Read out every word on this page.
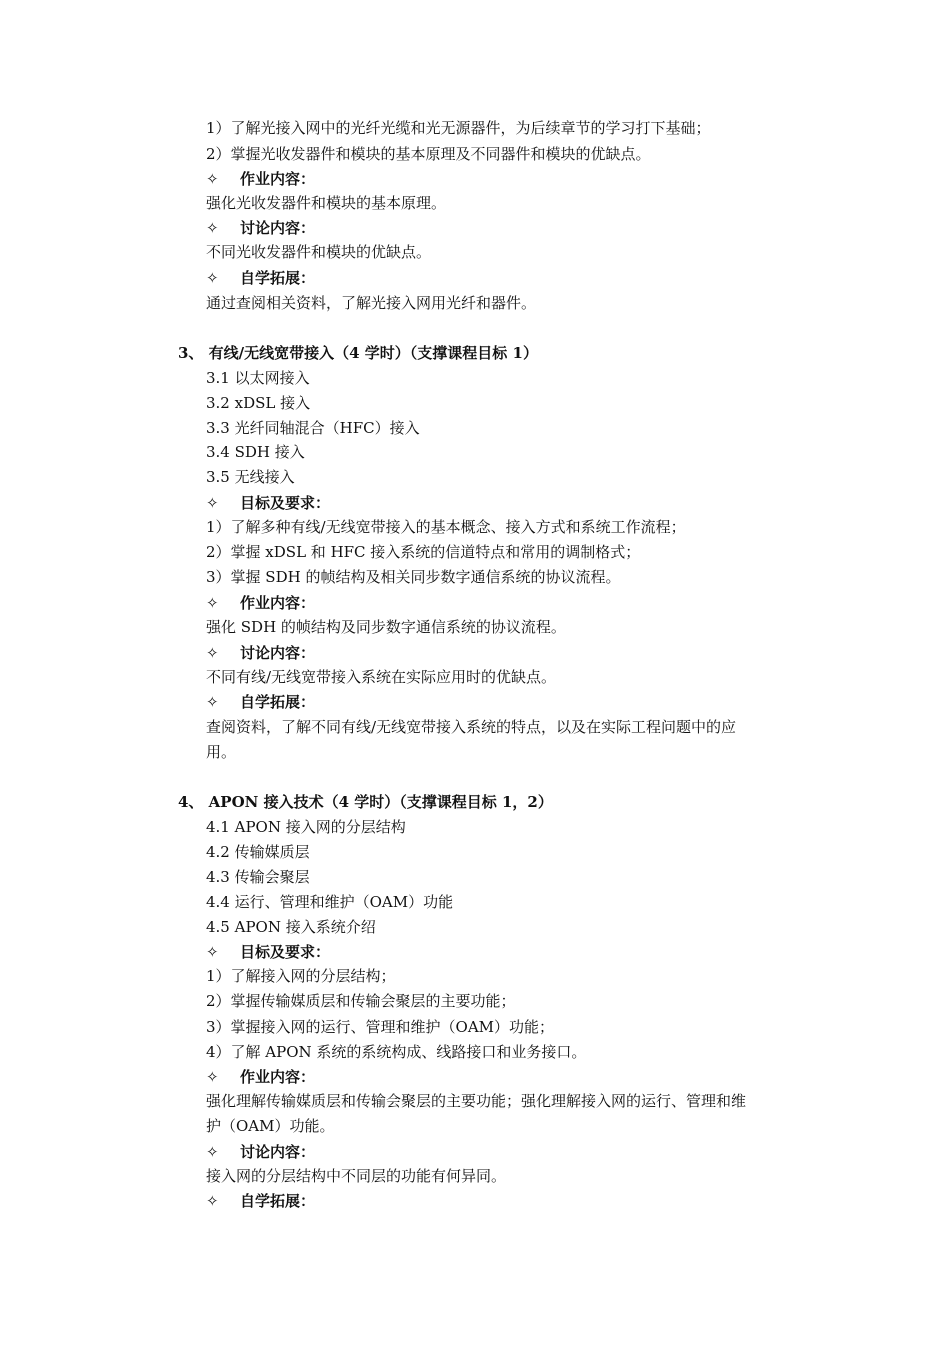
1）了解光接入网中的光纤光缆和光无源器件，为后续章节的学习打下基础；
2）掌握光收发器件和模块的基本原理及不同器件和模块的优缺点。
✧ 作业内容：
强化光收发器件和模块的基本原理。
✧ 讨论内容：
不同光收发器件和模块的优缺点。
✧ 自学拓展：
通过查阅相关资料，了解光接入网用光纤和器件。
3、 有线/无线宽带接入（4 学时）（支撑课程目标 1）
3.1 以太网接入
3.2 xDSL 接入
3.3 光纤同轴混合（HFC）接入
3.4 SDH 接入
3.5 无线接入
✧ 目标及要求：
1）了解多种有线/无线宽带接入的基本概念、接入方式和系统工作流程；
2）掌握 xDSL 和 HFC 接入系统的信道特点和常用的调制格式；
3）掌握 SDH 的帧结构及相关同步数字通信系统的协议流程。
✧ 作业内容：
强化 SDH 的帧结构及同步数字通信系统的协议流程。
✧ 讨论内容：
不同有线/无线宽带接入系统在实际应用时的优缺点。
✧ 自学拓展：
查阅资料，了解不同有线/无线宽带接入系统的特点，以及在实际工程问题中的应
用。
4、 APON 接入技术（4 学时）（支撑课程目标 1，2）
4.1 APON 接入网的分层结构
4.2 传输媒质层
4.3 传输会聚层
4.4 运行、管理和维护（OAM）功能
4.5 APON 接入系统介绍
✧ 目标及要求：
1）了解接入网的分层结构；
2）掌握传输媒质层和传输会聚层的主要功能；
3）掌握接入网的运行、管理和维护（OAM）功能；
4）了解 APON 系统的系统构成、线路接口和业务接口。
✧ 作业内容：
强化理解传输媒质层和传输会聚层的主要功能；强化理解接入网的运行、管理和维
护（OAM）功能。
✧ 讨论内容：
接入网的分层结构中不同层的功能有何异同。
✧ 自学拓展：
